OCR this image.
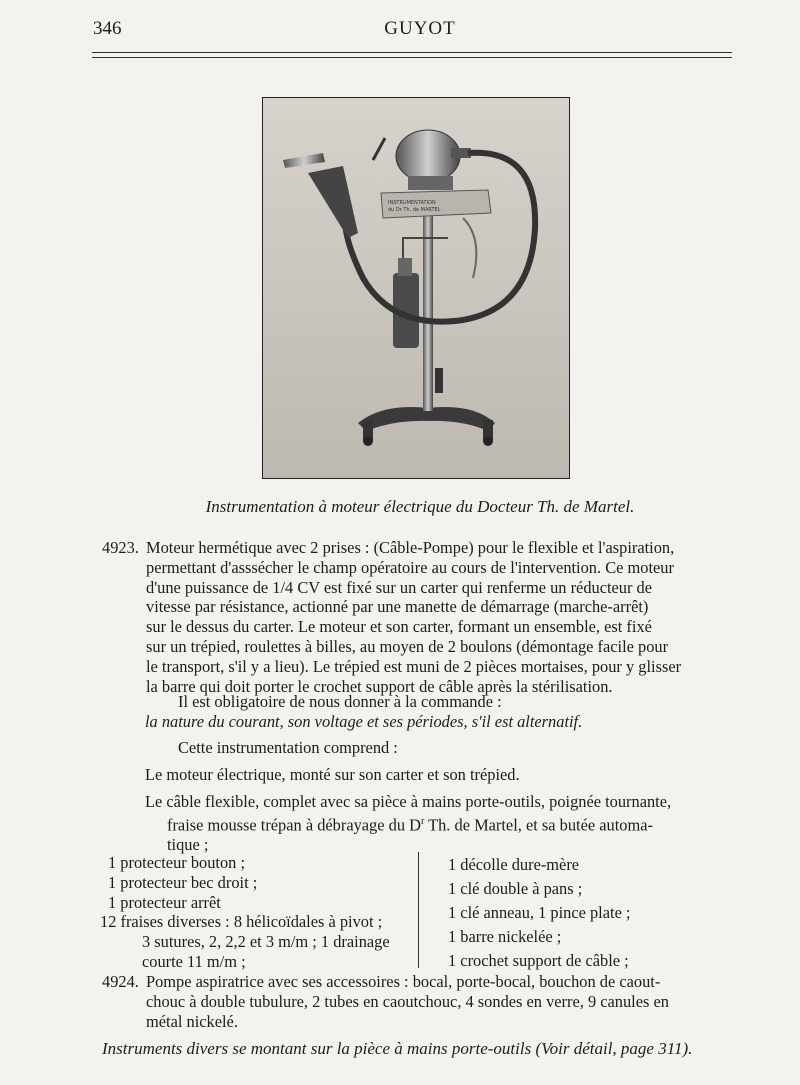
346	GUYOT
INSTRUMENTATION
du Dr Th. de MARTEL
Instrumentation à moteur électrique du Docteur Th. de Martel.
4923. Moteur hermétique avec 2 prises : (Câble-Pompe) pour le flexible et l'aspiration,
permettant d'asssécher le champ opératoire au cours de l'intervention. Ce moteur
d'une puissance de 1/4 CV est fixé sur un carter qui renferme un réducteur de
vitesse par résistance, actionné par une manette de démarrage (marche-arrêt)
sur le dessus du carter. Le moteur et son carter, formant un ensemble, est fixé
sur un trépied, roulettes à billes, au moyen de 2 boulons (démontage facile pour
le transport, s'il y a lieu). Le trépied est muni de 2 pièces mortaises, pour y glisser
la barre qui doit porter le crochet support de câble après la stérilisation.
Il est obligatoire de nous donner à la commande :
la nature du courant, son voltage et ses périodes, s'il est alternatif.
Cette instrumentation comprend :
Le moteur électrique, monté sur son carter et son trépied.
Le câble flexible, complet avec sa pièce à mains porte-outils, poignée tournante,
fraise mousse trépan à débrayage du $D^r$ Th. de Martel, et sa butée automa-
tique ;
1 protecteur bouton ;
1 protecteur bec droit ;
1 protecteur arrêt
12 fraises diverses : 8 hélicoïdales à pivot ;
3 sutures, 2, 2,2 et 3 m/m ; 1 drainage
courte 11 m/m ;
1 décolle dure-mère
1 clé double à pans ;
1 clé anneau, 1 pince plate ;
1 barre nickelée ;
1 crochet support de câble ;
4924. Pompe aspiratrice avec ses accessoires : bocal, porte-bocal, bouchon de caout-
chouc à double tubulure, 2 tubes en caoutchouc, 4 sondes en verre, 9 canules en
métal nickelé.
Instruments divers se montant sur la pièce à mains porte-outils (Voir détail, page 311).
